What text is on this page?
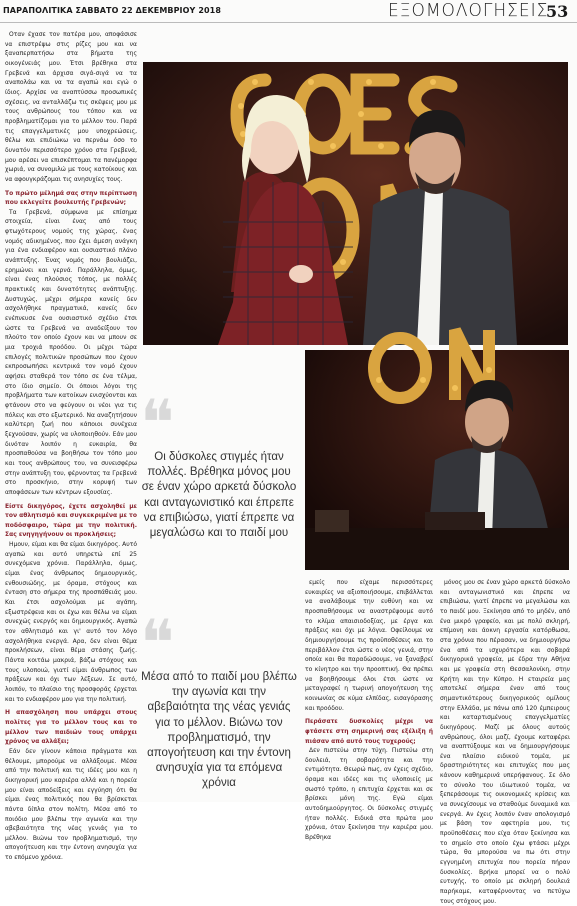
ΠΑΡΑΠΟΛΙΤΙΚΑ ΣΑΒΒΑΤΟ 22 ΔΕΚΕΜΒΡΙΟΥ 2018	ΕΞΟΜΟΛΟΓΗΣΕΙΣ
53

Οταν έχασε τον πατέρα μου, αποφάσισε να επιστρέψω στις ρίζες μου και να ξαναπερπατήσω στα βήματα της οικογένειάς μου. Έτσι βρέθηκα στα Γρεβενά και άρχισα σιγά-σιγά να τα αναπολάω και να τα αγαπώ και εγώ ο ίδιος. Αρχίσε να αναπτύσσω προσωπικές σχέσεις, να ανταλλάζω τις σκέψεις μου με τους ανθρώπους του τόπου και να προβληματίζομαι για το μέλλον του. Παρά τις επαγγελματικές μου υποχρεώσεις, θέλω και επιδιώκω να περνάω όσο το δυνατόν περισσότερο χρόνο στα Γρεβενά, μου αρέσει να επισκέπτομαι τα πανέμορφα χωριά, να συνομιλώ με τους κατοίκους και να αφουγκράζομαι τις ανησυχίες τους.

Το πρώτο μέλημά σας στην περίπτωση που εκλεγείτε βουλευτής Γρεβενών;

Τα Γρεβενά, σύμφωνα με επίσημα στοιχεία, είναι ένας από τους φτωχότερους νομούς της χώρας, ένας νομός αδικημένος, που έχει άμεση ανάγκη για ένα ενδιαφέρον και ουσιαστικό πλάνο ανάπτυξης. Ένας νομός που βουλιάζει, ερημώνει και γερνά. Παράλληλα, όμως, είναι ένας πλούσιος τόπος, με πολλές πρακτικές και δυνατότητες ανάπτυξης. Δυστυχώς, μέχρι σήμερα κανείς δεν ασχολήθηκε πραγματικά, κανείς δεν ενέπνευσε ένα ουσιαστικό σχέδιο έτσι ώστε τα Γρεβενά να αναδείξουν τον πλούτο τον οποίο έχουν και να μπουν σε μια τροχιά προόδου. Οι μέχρι τώρα επιλογές πολιτικών προσώπων που έχουν εκπροσωπήσει κεντρικά τον νομό έχουν αφήσει σταθερά τον τόπο σε ένα τέλμα, στο ίδιο σημείο. Οι όποιοι λόγοι της προβλήματα των κατοίκων ενισχύονται και φτάνουν στο να φεύγουν οι νέοι για τις πόλεις και στο εξωτερικό. Να αναζητήσουν καλύτερη ζωή που κάποιοι συνέχεια ξεχνούσαν, χωρίς να υλοποιηθούν. Εάν μου δινόταν λοιπόν η ευκαιρία, θα προσπαθούσα να βοηθήσω τον τόπο μου και τους ανθρώπους του, να συνεισφέρω στην ανάπτυξη του, φέρνοντας τα Γρεβενά στο προσκήνιο, στην κορυφή των αποφάσεων των κέντρων εξουσίας.

Είστε δικηγόρος, έχετε ασχοληθεί με τον αθλητισμό και συγκεκριμένα με το ποδόσφαιρο, τώρα με την πολιτική. Σας ενηγηγήνουν οι προκλήσεις;

Ημουν, είμαι και θα είμαι δικηγόρος. Αυτό αγαπώ και αυτό υπηρετώ επί 25 συνεχόμενα χρόνια. Παράλληλα, όμως, είμαι ένας άνθρωπος δημιουργικός, ενθουσιώδης, με όραμα, στόχους και ένταση στο σήμερα της προσπάθειάς μου. Και έτσι ασχολούμαι με αγάπη, εξωστρέφεια και οι έχω και θέλω να είμαι συνεχώς ενεργός και δημιουργικός. Αγαπώ τον αθλητισμό και γι' αυτό τον λόγο ασχολήθηκα ενεργά. Αρα, δεν είναι θέμα προκλήσεων, είναι θέμα στάσης ζωής. Πάντα κοιτάω μακριά, βάζω στόχους και τους υλοποιώ, γιατί είμαι άνθρωπος των πράξεων και όχι των λέξεων. Σε αυτό, λοιπόν, το πλαίσιο της προσφοράς έρχεται και το ενδιαφέρον μου για την πολιτική.

Η απασχόληση που υπάρχει στους πολίτες για το μέλλον τους και το μέλλον των παιδιών τους υπάρχει χρόνος να αλλάξει;

Εάν δεν γίνουν κάποια πράγματα και θέλουμε, μπορούμε να αλλάξουμε. Μέσα από την πολιτική και τις ιδέες μου και η δικηγορική μου καριέρα αλλά και η πορεία μου είναι αποδείξεις και εγγύηση ότι θα είμαι ένας πολιτικός που θα βρίσκεται πάντα δίπλα στον πολίτη. Μέσα από το ποιόδιο μου βλέπω την αγωνία και την αβεβαιότητα της νέας γενιάς για το μέλλον. Βιώνω τον προβληματισμό, την απογοήτευση και την έντονη ανησυχία για το επόμενο χρόνια.

❝
Οι δύσκολες στιγμές ήταν πολλές. Βρέθηκα μόνος μου σε έναν χώρο αρκετά δύσκολο και ανταγωνιστικό και έπρεπε να επιβιώσω, γιατί έπρεπε να μεγαλώσω και το παιδί μου
❝
Μέσα από το παιδί μου βλέπω την αγωνία και την αβεβαιότητα της νέας γενιάς για το μέλλον. Βιώνω τον προβληματισμό, την απογοήτευση και την έντονη ανησυχία για τα επόμενα χρόνια

εμείς που είχαμε περισσότερες ευκαιρίες να αξιοποιήσουμε, επιβάλλεται να αναλάβουμε την ευθύνη και να προσπαθήσουμε να αναστρέψουμε αυτό το κλίμα απαισιοδοξίας, με έργα και πράξεις και όχι με λόγια. Οφείλουμε να δημιουργήσουμε τις προϋποθέσεις και το περιβάλλον έτσι ώστε ο νέος γενιά, στην οποία και θα παραδώσουμε, να ξαναβρεί το κίνητρο και την προοπτική. Θα πρέπει να βοηθήσουμε όλοι έτσι ώστε να μεταγραφεί η τωρινή απογοήτευση της κοινωνίας σε κύμα ελπίδας, εισαγόρασης και προόδου.

Περάσατε δυσκολίες μέχρι να φτάσετε στη σημερινή σας εξέλιξη ή πιάσαν από αυτό τους τυχερούς;

Δεν πιστεύω στην τύχη. Πιστεύω στη δουλειά, τη σοβαρότητα και την εντιμότητα. Θεωρώ πως, αν έχεις σχέδιο, όραμα και ιδέες και τις υλοποιείς με σωστό τρόπο, η επιτυχία έρχεται και σε βρίσκει μόνη της. Εγώ είμαι αυτοδημιούργητος. Οι δύσκολες στιγμές ήταν πολλές. Ειδικά στα πρώτα μου χρόνια, όταν ξεκίνησα την καριέρα μου. Βρέθηκα

μόνος μου σε έναν χώρο αρκετά δύσκολο και ανταγωνιστικό και έπρεπε να επιβιώσω, γιατί έπρεπε να μεγαλώσω και το παιδί μου. Ξεκίνησα από το μηδέν, από ένα μικρό γραφείο, και με πολύ σκληρή, επίμονη και άοκνη εργασία κατόρθωσα, στα χρόνια που πέρασαν, να δημιουργήσω ένα από τα ισχυρότερα και σοβαρά δικηγορικά γραφεία, με έδρα την Αθήνα και με γραφεία στη Θεσσαλονίκη, στην Κρήτη και την Κύπρο. Η εταιρεία μας αποτελεί σήμερα έναν από τους σημαντικότερους δικηγορικούς ομίλους στην Ελλάδα, με πάνω από 120 έμπειρους και καταρτισμένους επαγγελματίες δικηγόρους. Μαζί με όλους αυτούς ανθρώπους, όλοι μαζί, έχουμε καταφέρει να αναπτύξουμε και να δημιουργήσουμε ένα πλαίσιο ειδικού τομέα, με δραστηριότητες και επιτυχίες που μας κάνουν καθημερινά υπερήφανους. Σε όλο το σύνολο του ιδιωτικού τομέα, να ξεπεράσουμε τις οικονομικές κρίσεις και να συνεχίσουμε να σταθούμε δυναμικά και ενεργά. Αν έχεις λοιπόν έναν απολογισμό με βάση τον αφετηρία μου, τις προϋποθέσεις που είχα όταν ξεκίνησα και το σημείο στο οποίο έχω φτάσει μέχρι τώρα, θα μπορούσα να πω ότι στην εγγυημένη επιτυχία που πορεία πήραν δυσκολίες. Βρήκα μπορεί να ο πολύ ευτυχής, το οποίο με σκληρή δουλειά παρήκαμε, καταφέρνοντας να πετύχω τους στόχους μου.
